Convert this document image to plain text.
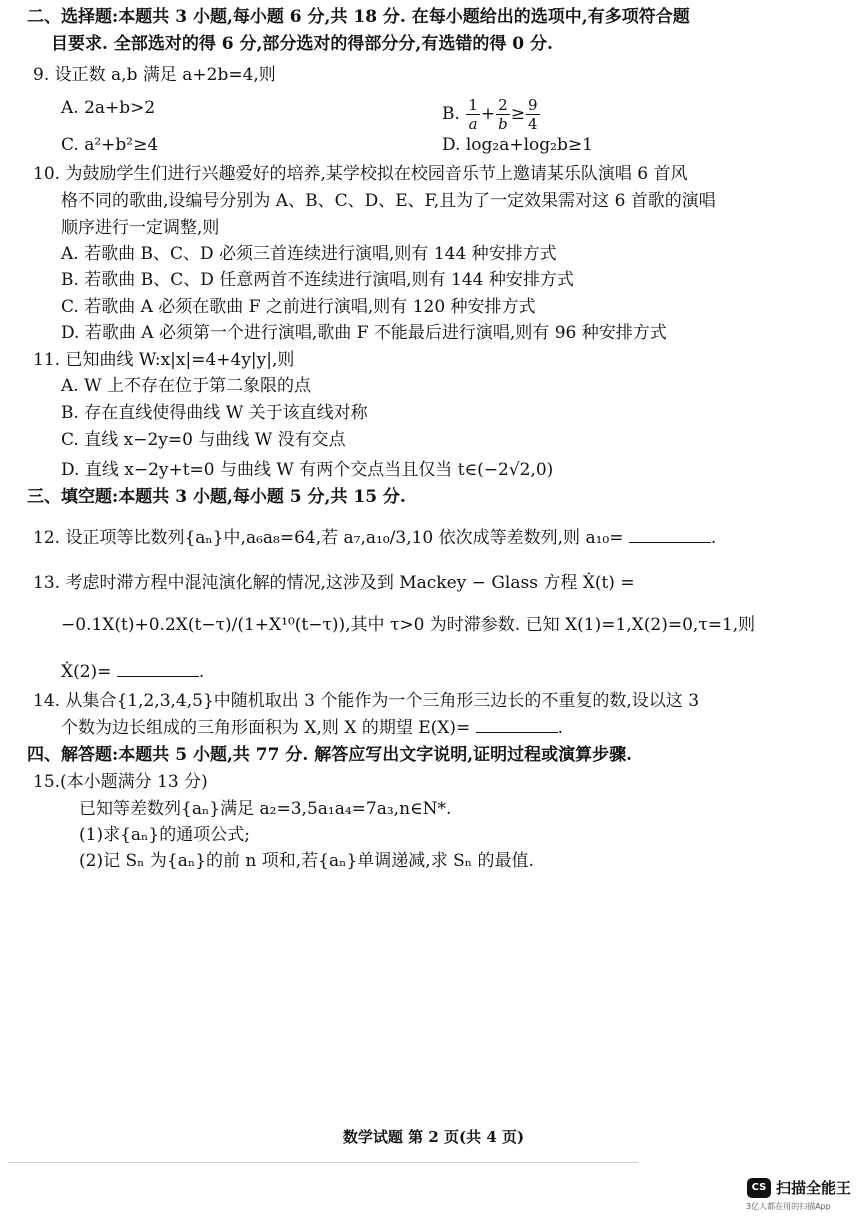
二、选择题:本题共 3 小题,每小题 6 分,共 18 分. 在每小题给出的选项中,有多项符合题
目要求. 全部选对的得 6 分,部分选对的得部分分,有选错的得 0 分.
9. 设正数 a,b 满足 a+2b=4,则
A. 2a+b>2	B. $\frac{1}{a} + \frac{2}{b} \ge \frac{9}{4}$
C. a²+b²≥4	D. log₂a+log₂b≥1
10. 为鼓励学生们进行兴趣爱好的培养,某学校拟在校园音乐节上邀请某乐队演唱 6 首风
格不同的歌曲,设编号分别为 A、B、C、D、E、F,且为了一定效果需对这 6 首歌的演唱
顺序进行一定调整,则
A. 若歌曲 B、C、D 必须三首连续进行演唱,则有 144 种安排方式
B. 若歌曲 B、C、D 任意两首不连续进行演唱,则有 144 种安排方式
C. 若歌曲 A 必须在歌曲 F 之前进行演唱,则有 120 种安排方式
D. 若歌曲 A 必须第一个进行演唱,歌曲 F 不能最后进行演唱,则有 96 种安排方式
11. 已知曲线 W:x|x|=4+4y|y|,则
A. W 上不存在位于第二象限的点
B. 存在直线使得曲线 W 关于该直线对称
C. 直线 x−2y=0 与曲线 W 没有交点
D. 直线 x−2y+t=0 与曲线 W 有两个交点当且仅当 t∈(−2√2,0)
三、填空题:本题共 3 小题,每小题 5 分,共 15 分.
12. 设正项等比数列{aₙ}中,a₆a₈=64,若 a₇,a₁₀/3,10 依次成等差数列,则 a₁₀=	.
13. 考虑时滞方程中混沌演化解的情况,这涉及到 Mackey − Glass 方程 Ẋ(t) =
−0.1X(t)+0.2X(t−τ)/(1+X¹⁰(t−τ)),其中 τ>0 为时滞参数. 已知 X(1)=1,X(2)=0,τ=1,则
Ẋ(2)=	.
14. 从集合{1,2,3,4,5}中随机取出 3 个能作为一个三角形三边长的不重复的数,设以这 3
个数为边长组成的三角形面积为 X,则 X 的期望 E(X)=	.
四、解答题:本题共 5 小题,共 77 分. 解答应写出文字说明,证明过程或演算步骤.
15.(本小题满分 13 分)
已知等差数列{aₙ}满足 a₂=3,5a₁a₄=7a₃,n∈N*.
(1)求{aₙ}的通项公式;
(2)记 Sₙ 为{aₙ}的前 n 项和,若{aₙ}单调递减,求 Sₙ 的最值.
数学试题 第 2 页(共 4 页)
CS 扫描全能王
3亿人都在用的扫描App
